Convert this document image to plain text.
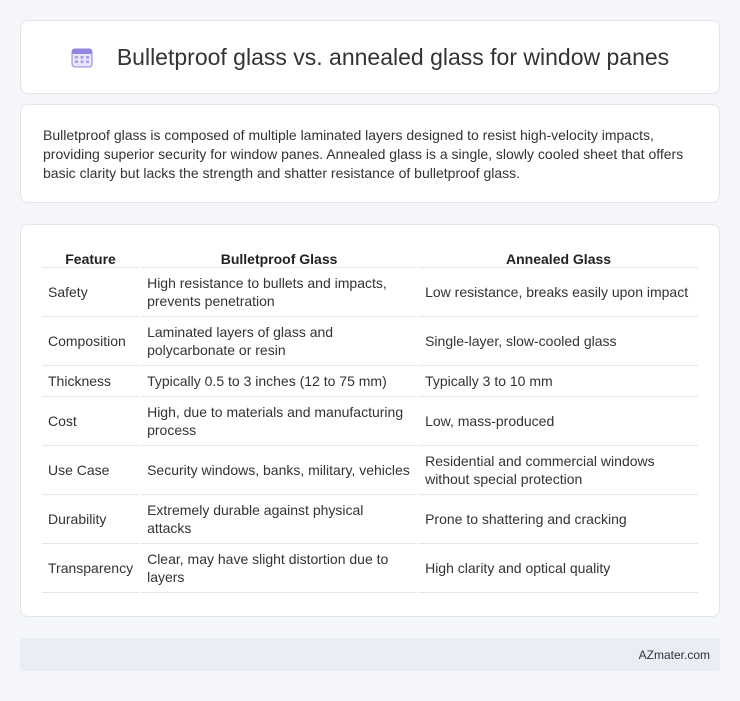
Bulletproof glass vs. annealed glass for window panes

Bulletproof glass is composed of multiple laminated layers designed to resist high-velocity impacts, providing superior security for window panes. Annealed glass is a single, slowly cooled sheet that offers basic clarity but lacks the strength and shatter resistance of bulletproof glass.

Feature	Bulletproof Glass	Annealed Glass
Safety	High resistance to bullets and impacts, prevents penetration	Low resistance, breaks easily upon impact
Composition	Laminated layers of glass and polycarbonate or resin	Single-layer, slow-cooled glass
Thickness	Typically 0.5 to 3 inches (12 to 75 mm)	Typically 3 to 10 mm
Cost	High, due to materials and manufacturing process	Low, mass-produced
Use Case	Security windows, banks, military, vehicles	Residential and commercial windows without special protection
Durability	Extremely durable against physical attacks	Prone to shattering and cracking
Transparency	Clear, may have slight distortion due to layers	High clarity and optical quality
AZmater.com
